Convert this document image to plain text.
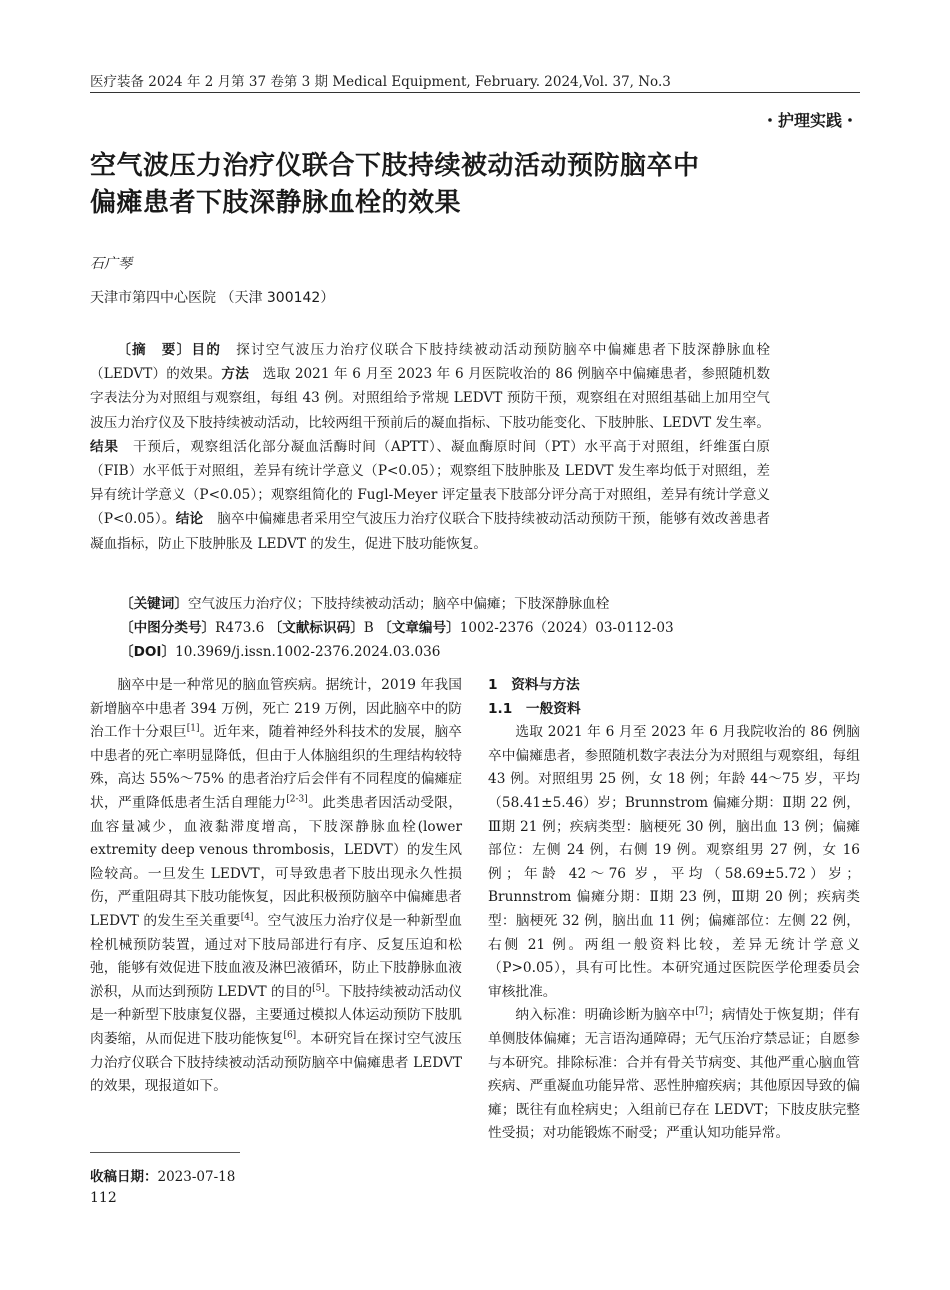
医疗装备 2024 年 2 月第 37 卷第 3 期 Medical Equipment, February. 2024,Vol. 37, No.3
・护理实践・
空气波压力治疗仪联合下肢持续被动活动预防脑卒中
偏瘫患者下肢深静脉血栓的效果
石广琴
天津市第四中心医院 （天津 300142）
〔摘　要〕目的　 探讨空气波压力治疗仪联合下肢持续被动活动预防脑卒中偏瘫患者下肢深静脉血栓（LEDVT）的效果。方法　 选取 2021 年 6 月至 2023 年 6 月医院收治的 86 例脑卒中偏瘫患者，参照随机数字表法分为对照组与观察组，每组 43 例。对照组给予常规 LEDVT 预防干预，观察组在对照组基础上加用空气波压力治疗仪及下肢持续被动活动，比较两组干预前后的凝血指标、下肢功能变化、下肢肿胀、LEDVT 发生率。结果　 干预后，观察组活化部分凝血活酶时间（APTT）、凝血酶原时间（PT）水平高于对照组，纤维蛋白原（FIB）水平低于对照组，差异有统计学意义（P<0.05）；观察组下肢肿胀及 LEDVT 发生率均低于对照组，差异有统计学意义（P<0.05）；观察组简化的 Fugl-Meyer 评定量表下肢部分评分高于对照组，差异有统计学意义（P<0.05）。结论　 脑卒中偏瘫患者采用空气波压力治疗仪联合下肢持续被动活动预防干预，能够有效改善患者凝血指标，防止下肢肿胀及 LEDVT 的发生，促进下肢功能恢复。
〔关键词〕空气波压力治疗仪；下肢持续被动活动；脑卒中偏瘫；下肢深静脉血栓
〔中图分类号〕R473.6 〔文献标识码〕B 〔文章编号〕1002-2376（2024）03-0112-03
〔DOI〕10.3969/j.issn.1002-2376.2024.03.036

脑卒中是一种常见的脑血管疾病。据统计，2019 年我国新增脑卒中患者 394 万例，死亡 219 万例，因此脑卒中的防治工作十分艰巨[1]。近年来，随着神经外科技术的发展，脑卒中患者的死亡率明显降低，但由于人体脑组织的生理结构较特殊，高达 55%～75% 的患者治疗后会伴有不同程度的偏瘫症状，严重降低患者生活自理能力[2-3]。此类患者因活动受限，血容量减少，血液黏滞度增高，下肢深静脉血栓(lower extremity deep venous thrombosis，LEDVT）的发生风险较高。一旦发生 LEDVT，可导致患者下肢出现永久性损伤，严重阻碍其下肢功能恢复，因此积极预防脑卒中偏瘫患者 LEDVT 的发生至关重要[4]。空气波压力治疗仪是一种新型血栓机械预防装置，通过对下肢局部进行有序、反复压迫和松弛，能够有效促进下肢血液及淋巴液循环，防止下肢静脉血液淤积，从而达到预防 LEDVT 的目的[5]。下肢持续被动活动仪是一种新型下肢康复仪器，主要通过模拟人体运动预防下肢肌肉萎缩，从而促进下肢功能恢复[6]。本研究旨在探讨空气波压力治疗仪联合下肢持续被动活动预防脑卒中偏瘫患者 LEDVT 的效果，现报道如下。

1　资料与方法

1.1　一般资料

选取 2021 年 6 月至 2023 年 6 月我院收治的 86 例脑卒中偏瘫患者，参照随机数字表法分为对照组与观察组，每组 43 例。对照组男 25 例，女 18 例；年龄 44～75 岁，平均（58.41±5.46）岁；Brunnstrom 偏瘫分期：Ⅱ期 22 例，Ⅲ期 21 例；疾病类型：脑梗死 30 例，脑出血 13 例；偏瘫部位：左侧 24 例，右侧 19 例。观察组男 27 例，女 16 例；年龄 42～76 岁，平均（58.69±5.72）岁；Brunnstrom 偏瘫分期：Ⅱ期 23 例，Ⅲ期 20 例；疾病类型：脑梗死 32 例，脑出血 11 例；偏瘫部位：左侧 22 例，右侧 21 例。两组一般资料比较，差异无统计学意义（P>0.05），具有可比性。本研究通过医院医学伦理委员会审核批准。

纳入标准：明确诊断为脑卒中[7]；病情处于恢复期；伴有单侧肢体偏瘫；无言语沟通障碍；无气压治疗禁忌证；自愿参与本研究。排除标准：合并有骨关节病变、其他严重心脑血管疾病、严重凝血功能异常、恶性肿瘤疾病；其他原因导致的偏瘫；既往有血栓病史；入组前已存在 LEDVT；下肢皮肤完整性受损；对功能锻炼不耐受；严重认知功能异常。

收稿日期：2023-07-18
112
